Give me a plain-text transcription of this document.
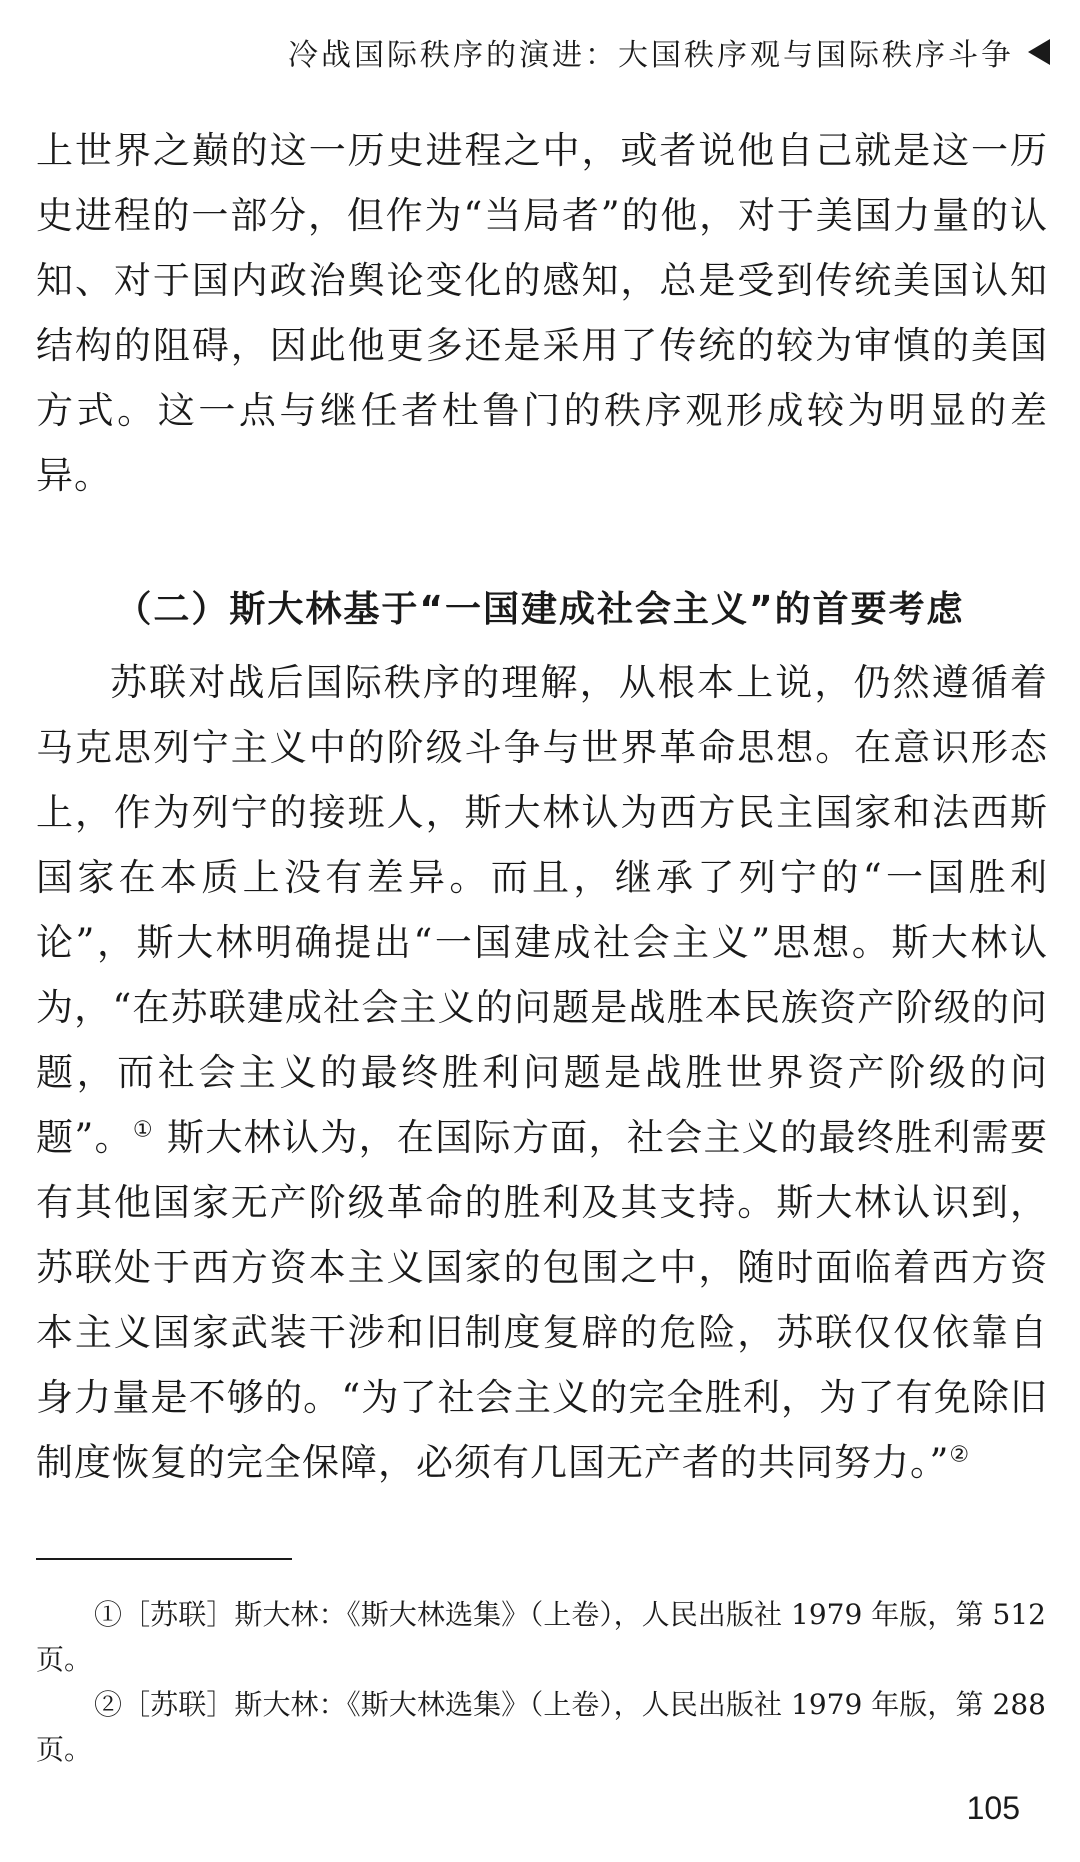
冷战国际秩序的演进：大国秩序观与国际秩序斗争

上世界之巅的这一历史进程之中，或者说他自己就是这一历史进程的一部分，但作为“当局者”的他，对于美国力量的认知、对于国内政治舆论变化的感知，总是受到传统美国认知结构的阻碍，因此他更多还是采用了传统的较为审慎的美国方式。这一点与继任者杜鲁门的秩序观形成较为明显的差异。

（二）斯大林基于“一国建成社会主义”的首要考虑

苏联对战后国际秩序的理解，从根本上说，仍然遵循着马克思列宁主义中的阶级斗争与世界革命思想。在意识形态上，作为列宁的接班人，斯大林认为西方民主国家和法西斯国家在本质上没有差异。而且，继承了列宁的“一国胜利论”，斯大林明确提出“一国建成社会主义”思想。斯大林认为，“在苏联建成社会主义的问题是战胜本民族资产阶级的问题，而社会主义的最终胜利问题是战胜世界资产阶级的问题”。① 斯大林认为，在国际方面，社会主义的最终胜利需要有其他国家无产阶级革命的胜利及其支持。斯大林认识到，苏联处于西方资本主义国家的包围之中，随时面临着西方资本主义国家武装干涉和旧制度复辟的危险，苏联仅仅依靠自身力量是不够的。“为了社会主义的完全胜利，为了有免除旧制度恢复的完全保障，必须有几国无产者的共同努力。”②

①［苏联］斯大林：《斯大林选集》（上卷），人民出版社 1979 年版，第 512 页。

②［苏联］斯大林：《斯大林选集》（上卷），人民出版社 1979 年版，第 288 页。

105
